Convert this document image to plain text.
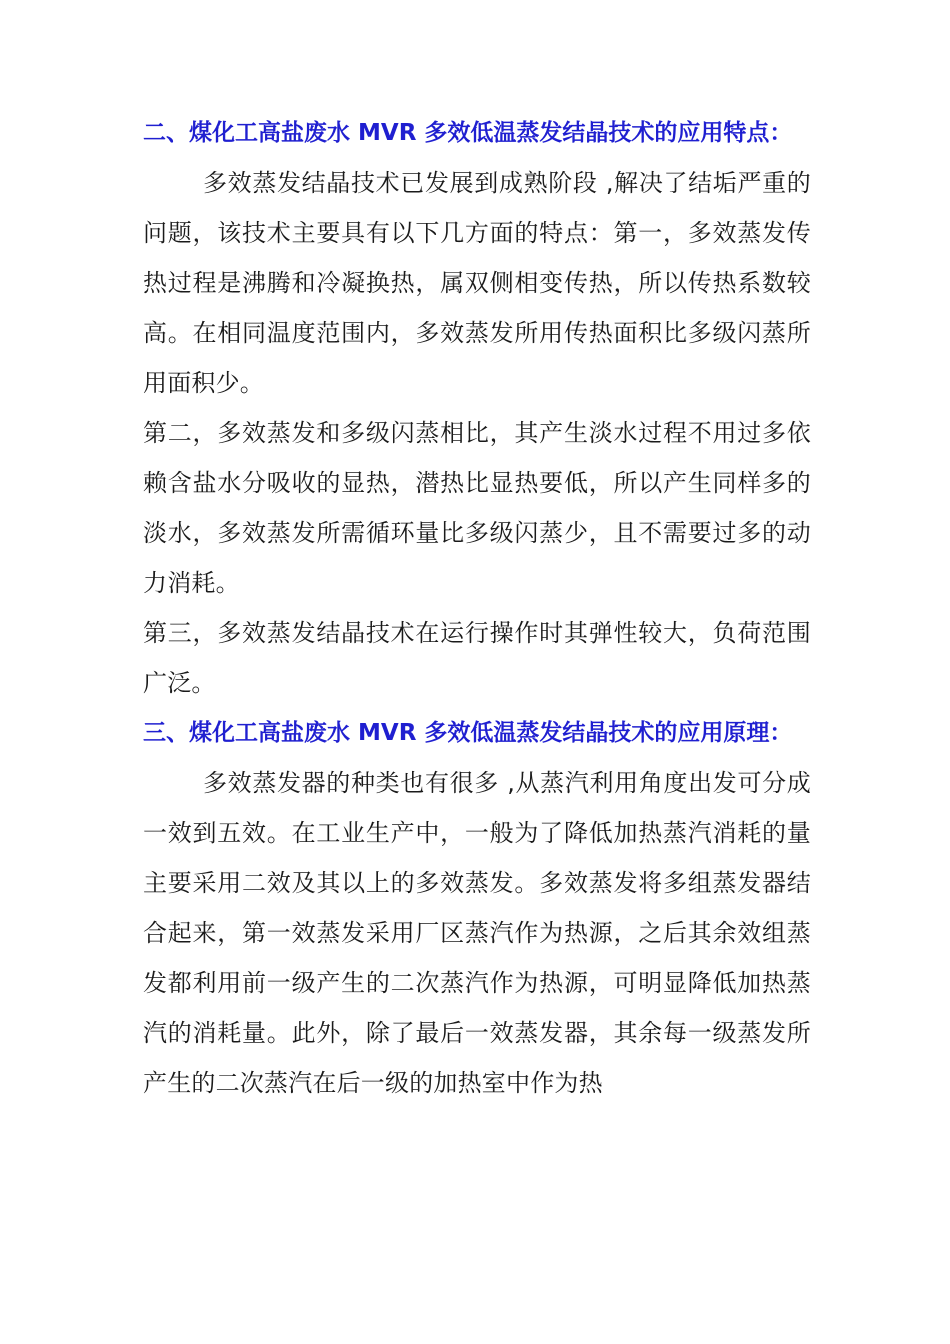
二、煤化工高盐废水 MVR 多效低温蒸发结晶技术的应用特点：

多效蒸发结晶技术已发展到成熟阶段 ,解决了结垢严重的问题，该技术主要具有以下几方面的特点：第一，多效蒸发传热过程是沸腾和冷凝换热，属双侧相变传热，所以传热系数较高。在相同温度范围内，多效蒸发所用传热面积比多级闪蒸所用面积少。

第二，多效蒸发和多级闪蒸相比，其产生淡水过程不用过多依赖含盐水分吸收的显热，潜热比显热要低，所以产生同样多的淡水，多效蒸发所需循环量比多级闪蒸少，且不需要过多的动力消耗。

第三，多效蒸发结晶技术在运行操作时其弹性较大，负荷范围广泛。

三、煤化工高盐废水 MVR 多效低温蒸发结晶技术的应用原理：

多效蒸发器的种类也有很多 ,从蒸汽利用角度出发可分成一效到五效。在工业生产中，一般为了降低加热蒸汽消耗的量主要采用二效及其以上的多效蒸发。多效蒸发将多组蒸发器结合起来，第一效蒸发采用厂区蒸汽作为热源，之后其余效组蒸发都利用前一级产生的二次蒸汽作为热源，可明显降低加热蒸汽的消耗量。此外，除了最后一效蒸发器，其余每一级蒸发所产生的二次蒸汽在后一级的加热室中作为热
